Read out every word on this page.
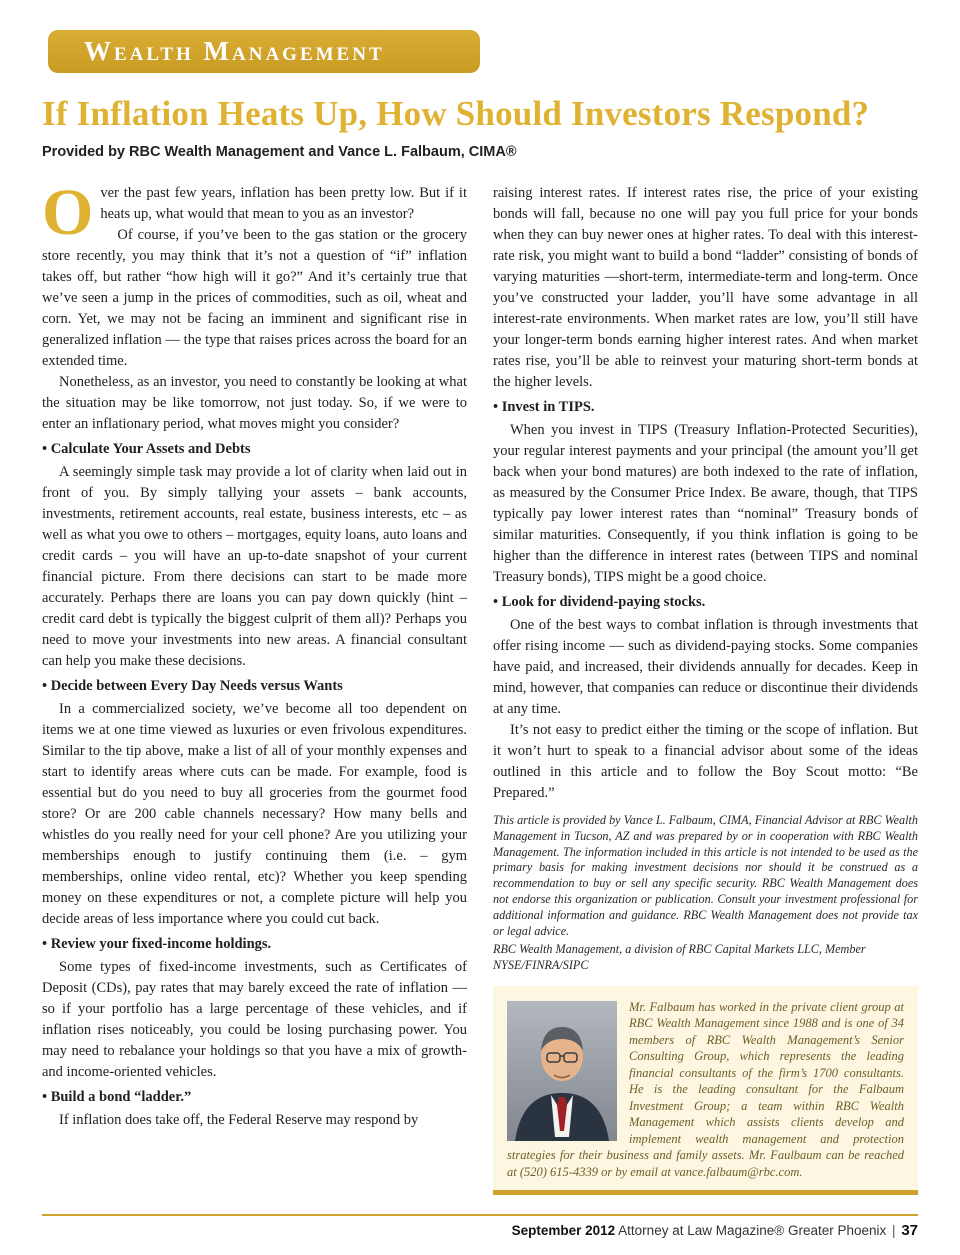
Wealth Management
If Inflation Heats Up, How Should Investors Respond?
Provided by RBC Wealth Management and Vance L. Falbaum, CIMA®

Over the past few years, inflation has been pretty low. But if it heats up, what would that mean to you as an investor?

Of course, if you’ve been to the gas station or the grocery store recently, you may think that it’s not a question of “if” inflation takes off, but rather “how high will it go?” And it’s certainly true that we’ve seen a jump in the prices of commodities, such as oil, wheat and corn. Yet, we may not be facing an imminent and significant rise in generalized inflation — the type that raises prices across the board for an extended time.

Nonetheless, as an investor, you need to constantly be looking at what the situation may be like tomorrow, not just today. So, if we were to enter an inflationary period, what moves might you consider?

• Calculate Your Assets and Debts

A seemingly simple task may provide a lot of clarity when laid out in front of you. By simply tallying your assets – bank accounts, investments, retirement accounts, real estate, business interests, etc – as well as what you owe to others – mortgages, equity loans, auto loans and credit cards – you will have an up-to-date snapshot of your current financial picture. From there decisions can start to be made more accurately. Perhaps there are loans you can pay down quickly (hint – credit card debt is typically the biggest culprit of them all)? Perhaps you need to move your investments into new areas. A financial consultant can help you make these decisions.

• Decide between Every Day Needs versus Wants

In a commercialized society, we’ve become all too dependent on items we at one time viewed as luxuries or even frivolous expenditures. Similar to the tip above, make a list of all of your monthly expenses and start to identify areas where cuts can be made. For example, food is essential but do you need to buy all groceries from the gourmet food store? Or are 200 cable channels necessary? How many bells and whistles do you really need for your cell phone? Are you utilizing your memberships enough to justify continuing them (i.e. – gym memberships, online video rental, etc)? Whether you keep spending money on these expenditures or not, a complete picture will help you decide areas of less importance where you could cut back.

• Review your fixed-income holdings.

Some types of fixed-income investments, such as Certificates of Deposit (CDs), pay rates that may barely exceed the rate of inflation — so if your portfolio has a large percentage of these vehicles, and if inflation rises noticeably, you could be losing purchasing power. You may need to rebalance your holdings so that you have a mix of growth- and income-oriented vehicles.

• Build a bond “ladder.”

If inflation does take off, the Federal Reserve may respond by

raising interest rates. If interest rates rise, the price of your existing bonds will fall, because no one will pay you full price for your bonds when they can buy newer ones at higher rates. To deal with this interest-rate risk, you might want to build a bond “ladder” consisting of bonds of varying maturities —short-term, intermediate-term and long-term. Once you’ve constructed your ladder, you’ll have some advantage in all interest-rate environments. When market rates are low, you’ll still have your longer-term bonds earning higher interest rates. And when market rates rise, you’ll be able to reinvest your maturing short-term bonds at the higher levels.

• Invest in TIPS.

When you invest in TIPS (Treasury Inflation-Protected Securities), your regular interest payments and your principal (the amount you’ll get back when your bond matures) are both indexed to the rate of inflation, as measured by the Consumer Price Index. Be aware, though, that TIPS typically pay lower interest rates than “nominal” Treasury bonds of similar maturities. Consequently, if you think inflation is going to be higher than the difference in interest rates (between TIPS and nominal Treasury bonds), TIPS might be a good choice.

• Look for dividend-paying stocks.

One of the best ways to combat inflation is through investments that offer rising income — such as dividend-paying stocks. Some companies have paid, and increased, their dividends annually for decades. Keep in mind, however, that companies can reduce or discontinue their dividends at any time.

It’s not easy to predict either the timing or the scope of inflation. But it won’t hurt to speak to a financial advisor about some of the ideas outlined in this article and to follow the Boy Scout motto: “Be Prepared.”

This article is provided by Vance L. Falbaum, CIMA, Financial Advisor at RBC Wealth Management in Tucson, AZ and was prepared by or in cooperation with RBC Wealth Management. The information included in this article is not intended to be used as the primary basis for making investment decisions nor should it be construed as a recommendation to buy or sell any specific security. RBC Wealth Management does not endorse this organization or publication. Consult your investment professional for additional information and guidance. RBC Wealth Management does not provide tax or legal advice.

RBC Wealth Management, a division of RBC Capital Markets LLC, Member NYSE/FINRA/SIPC

Mr. Falbaum has worked in the private client group at RBC Wealth Management since 1988 and is one of 34 members of RBC Wealth Management’s Senior Consulting Group, which represents the leading financial consultants of the firm’s 1700 consultants. He is the leading consultant for the Falbaum Investment Group; a team within RBC Wealth Management which assists clients develop and implement wealth management and protection strategies for their business and family assets. Mr. Faulbaum can be reached at (520) 615-4339 or by email at vance.falbaum@rbc.com.

September 2012 Attorney at Law Magazine® Greater Phoenix | 37
